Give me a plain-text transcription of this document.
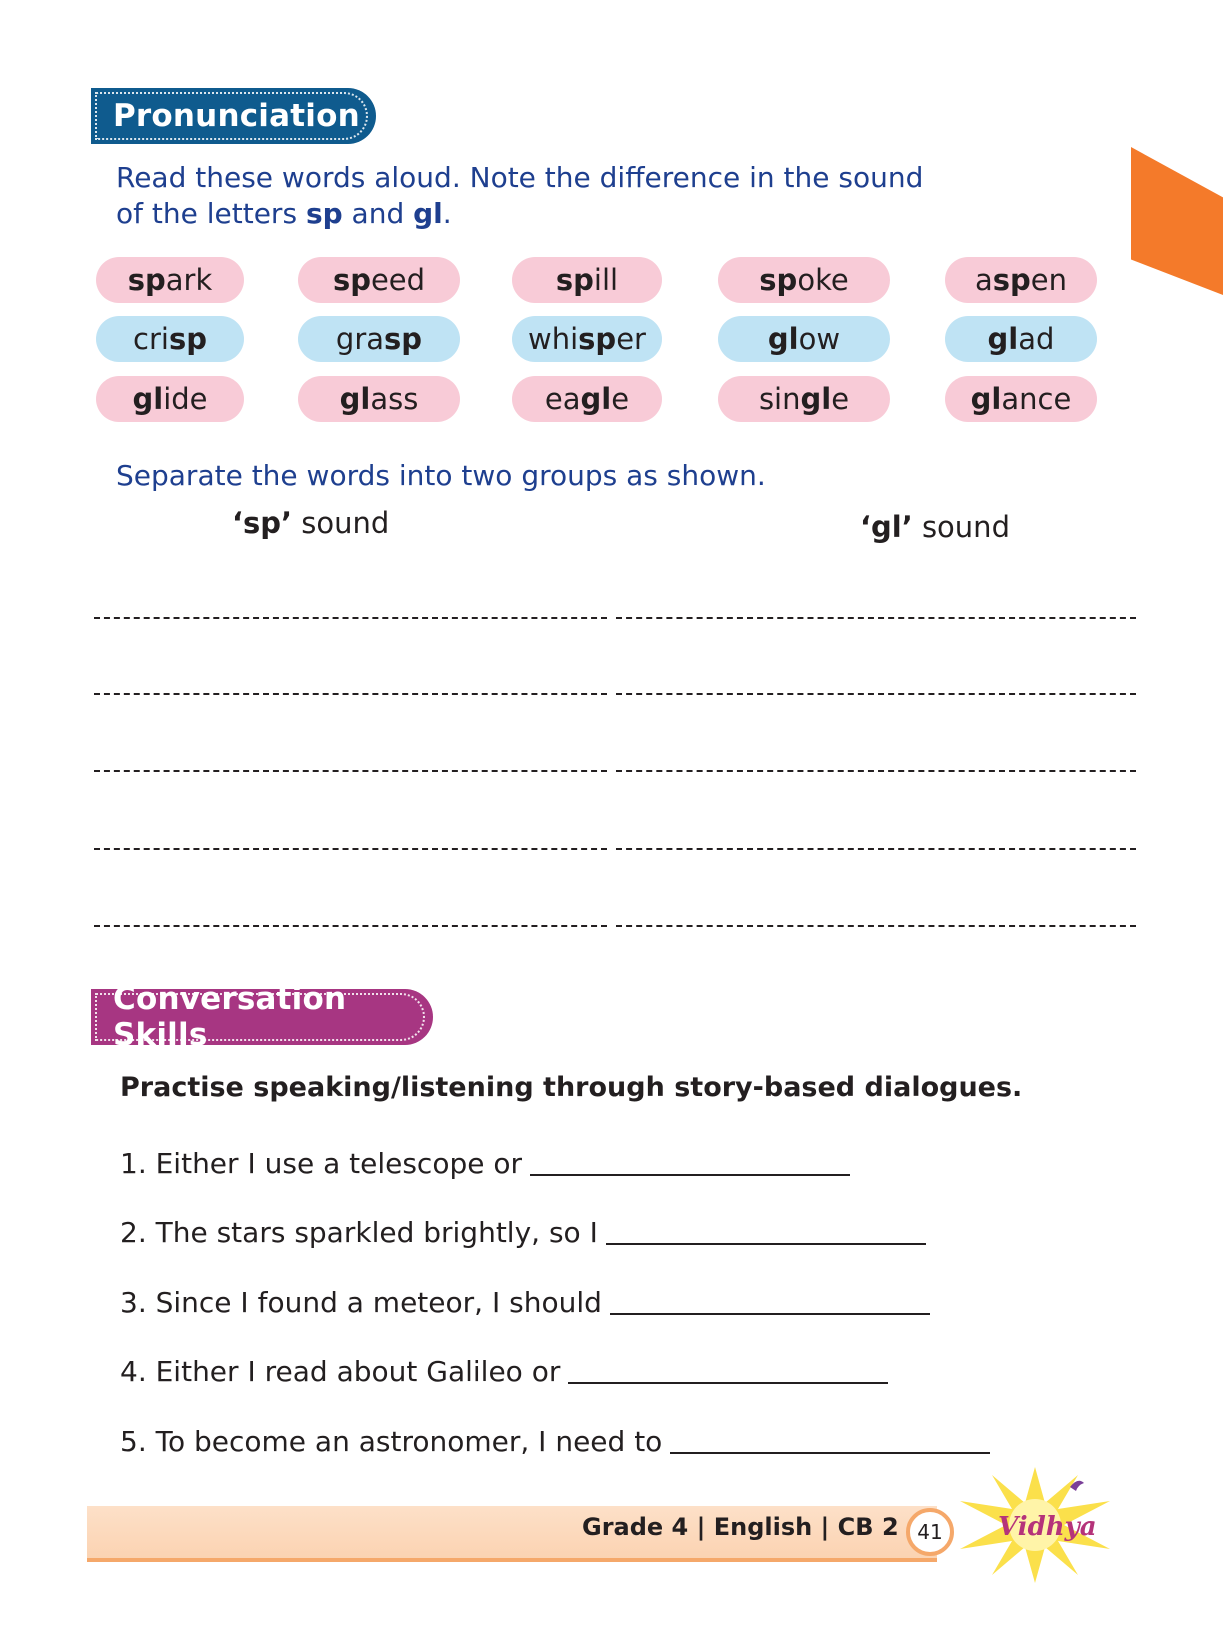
Pronunciation
Read these words aloud. Note the difference in the sound
of the letters sp and gl.
sp ark	sp eed	sp ill	sp oke	a sp en
cri sp	gra sp	whi sp er	gl ow	gl ad
gl ide	gl ass	ea gl e	sin gl e	gl ance
Separate the words into two groups as shown.
‘sp’ sound	‘gl’ sound
Conversation Skills
Practise speaking/listening through story-based dialogues.
1. Either I use a telescope or
2. The stars sparkled brightly, so I
3. Since I found a meteor, I should
4. Either I read about Galileo or
5. To become an astronomer, I need to
Grade 4 | English | CB 2 41	Vidhya
